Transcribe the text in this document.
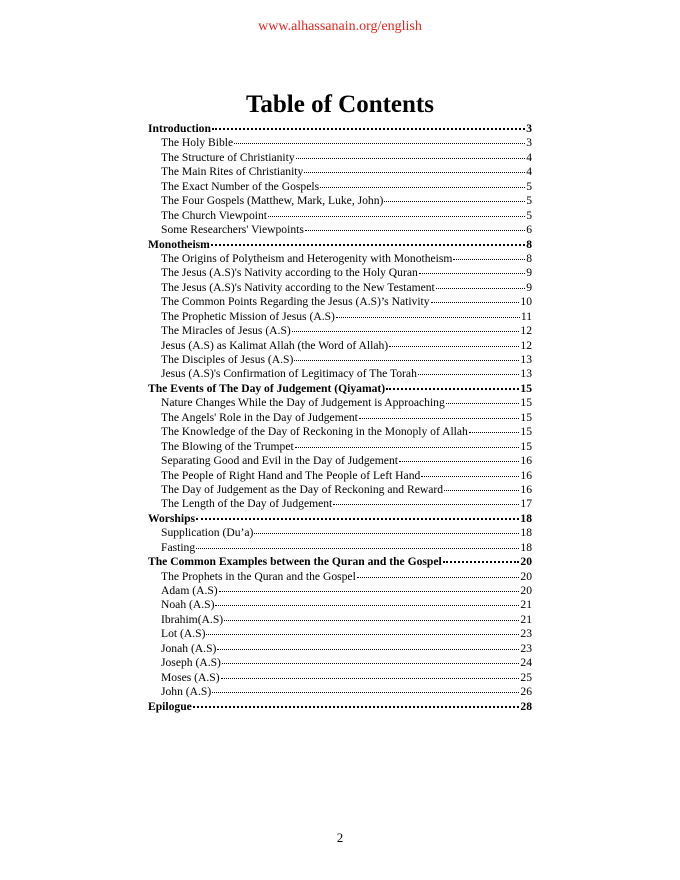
www.alhassanain.org/english
Table of Contents
Introduction	3
The Holy Bible	3
The Structure of Christianity	4
The Main Rites of Christianity	4
The Exact Number of the Gospels	5
The Four Gospels (Matthew, Mark, Luke, John)	5
The Church Viewpoint	5
Some Researchers' Viewpoints	6
Monotheism	8
The Origins of Polytheism and Heterogenity with Monotheism	8
The Jesus (A.S)'s Nativity according to the Holy Quran	9
The Jesus (A.S)'s Nativity according to the New Testament	9
The Common Points Regarding the Jesus (A.S)’s Nativity	10
The Prophetic Mission of Jesus (A.S)	11
The Miracles of Jesus (A.S)	12
Jesus (A.S) as Kalimat Allah (the Word of Allah)	12
The Disciples of Jesus (A.S)	13
Jesus (A.S)'s Confirmation of Legitimacy of The Torah	13
The Events of The Day of Judgement (Qiyamat)	15
Nature Changes While the Day of Judgement is Approaching	15
The Angels' Role in the Day of Judgement	15
The Knowledge of the Day of Reckoning in the Monoply of Allah	15
The Blowing of the Trumpet	15
Separating Good and Evil in the Day of Judgement	16
The People of Right Hand and The People of Left Hand	16
The Day of Judgement as the Day of Reckoning and Reward	16
The Length of the Day of Judgement	17
Worships	18
Supplication (Du’a)	18
Fasting	18
The Common Examples between the Quran and the Gospel	20
The Prophets in the Quran and the Gospel	20
Adam (A.S)	20
Noah (A.S)	21
Ibrahim(A.S)	21
Lot (A.S)	23
Jonah (A.S)	23
Joseph (A.S)	24
Moses (A.S)	25
John (A.S)	26
Epilogue	28
2
